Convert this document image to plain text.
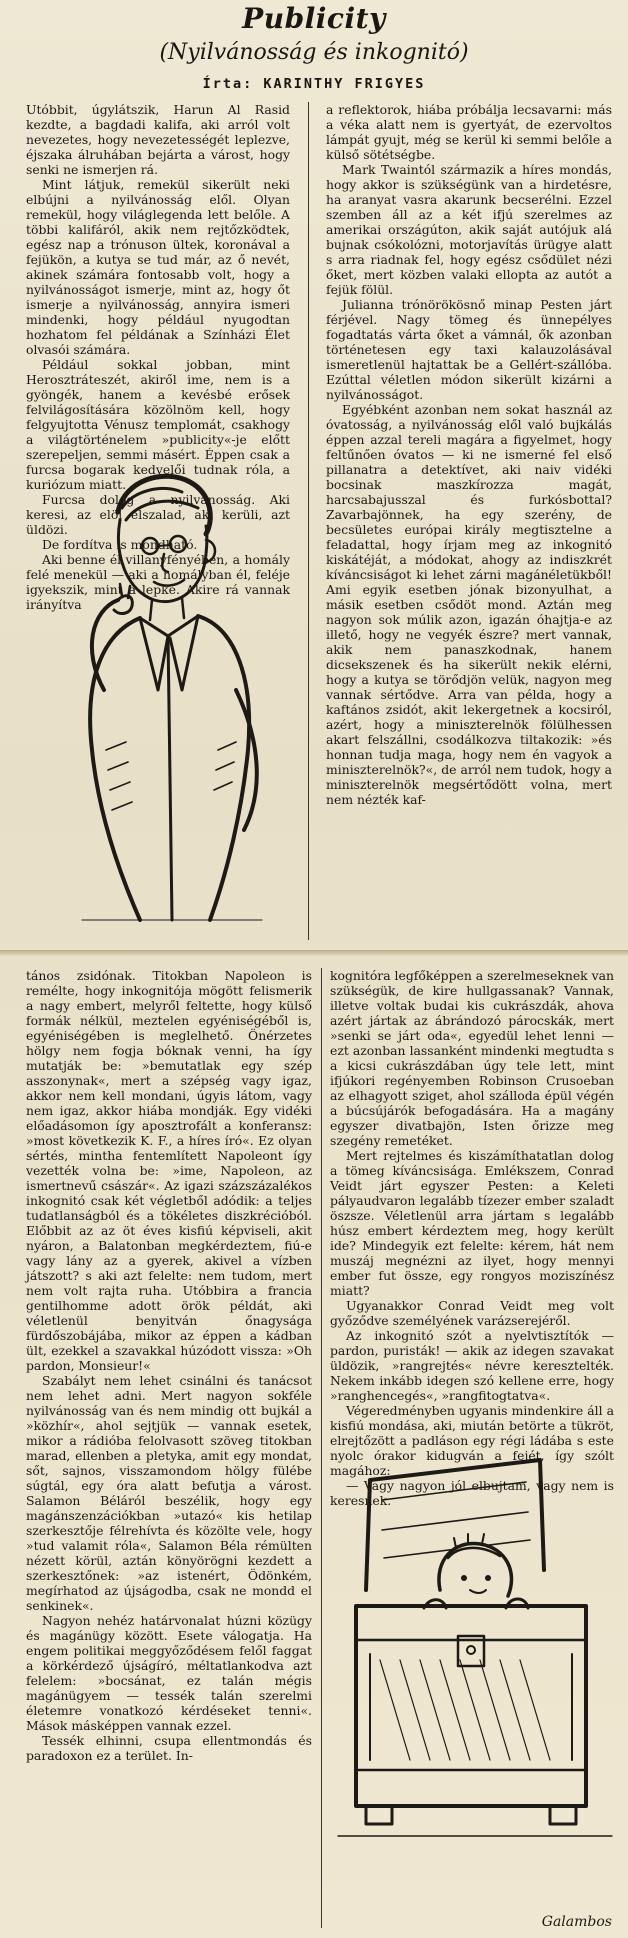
Publicity
(Nyilvánosság és inkognitó)
Írta: KARINTHY FRIGYES

Utóbbit, úgylátszik, Harun Al Rasid kezdte, a bagdadi kalifa, aki arról volt nevezetes, hogy nevezetességét leplezve, éjszaka álruhában bejárta a várost, hogy senki ne ismerjen rá.

Mint látjuk, remekül sikerült neki elbújni a nyilvánosság elől. Olyan remekül, hogy világlegenda lett belőle. A többi kalifáról, akik nem rejtőzködtek, egész nap a trónuson ültek, koronával a fejükön, a kutya se tud már, az ő nevét, akinek számára fontosabb volt, hogy a nyilvánosságot ismerje, mint az, hogy őt ismerje a nyilvánosság, annyira ismeri mindenki, hogy például nyugodtan hozhatom fel példának a Színházi Élet olvasói számára.

Például sokkal jobban, mint Herosztráteszét, akiről ime, nem is a gyöngék, hanem a kevésbé erősek felvilágosítására közölnöm kell, hogy felgyujtotta Vénusz templomát, csakhogy a világtörténelem »publicity«-je előtt szerepeljen, semmi másért. Éppen csak a furcsa bogarak kedvelői tudnak róla, a kuriózum miatt.

Furcsa dolog a nyilvánosság. Aki keresi, az elöl elszalad, aki kerüli, azt üldözi.

De fordítva is mondható.

Aki benne él villanyfényében, a homály felé menekül — aki a homályban él, feléje igyekszik, mint a lepke. Akire rá vannak irányítva

a reflektorok, hiába próbálja lecsavarni: más a véka alatt nem is gyertyát, de ezervoltos lámpát gyujt, még se kerül ki semmi belőle a külső sötétségbe.

Mark Twaintól származik a híres mondás, hogy akkor is szükségünk van a hirdetésre, ha aranyat vasra akarunk becserélni. Ezzel szemben áll az a két ifjú szerelmes az amerikai országúton, akik saját autójuk alá bujnak csókolózni, motorjavítás ürügye alatt s arra riadnak fel, hogy egész csődület nézi őket, mert közben valaki ellopta az autót a fejük fölül.

Julianna trónörökösnő minap Pesten járt férjével. Nagy tömeg és ünnepélyes fogadtatás várta őket a vámnál, ők azonban történetesen egy taxi kalauzolásával ismeretlenül hajtattak be a Gellért-szállóba. Ezúttal véletlen módon sikerült kizárni a nyilvánosságot.

Egyébként azonban nem sokat használ az óvatosság, a nyilvánosság elől való bujkálás éppen azzal tereli magára a figyelmet, hogy feltűnően óvatos — ki ne ismerné fel első pillanatra a detektívet, aki naiv vidéki bocsinak maszkírozza magát, harcsabajusszal és furkósbottal? Zavarbajönnek, ha egy szerény, de becsületes európai király megtisztelne a feladattal, hogy írjam meg az inkognitó kiskátéját, a módokat, ahogy az indiszkrét kíváncsiságot ki lehet zárni magánéletükből! Ami egyik esetben jónak bizonyulhat, a másik esetben csődöt mond. Aztán meg nagyon sok múlik azon, igazán óhajtja-e az illető, hogy ne vegyék észre? mert vannak, akik nem panaszkodnak, hanem dicsekszenek és ha sikerült nekik elérni, hogy a kutya se törődjön velük, nagyon meg vannak sértődve. Arra van példa, hogy a kaftános zsidót, akit lekergetnek a kocsiról, azért, hogy a miniszterelnök fölülhessen akart felszállni, csodálkozva tiltakozik: »és honnan tudja maga, hogy nem én vagyok a miniszterelnök?«, de arról nem tudok, hogy a miniszterelnök megsértődött volna, mert nem nézték kaf-

tános zsidónak. Titokban Napoleon is remélte, hogy inkognitója mögött felismerik a nagy embert, melyről feltette, hogy külső formák nélkül, meztelen egyéniségéből is, egyéniségében is meglelhető. Önérzetes hölgy nem fogja bóknak venni, ha így mutatják be: »bemutatlak egy szép asszonynak«, mert a szépség vagy igaz, akkor nem kell mondani, úgyis látom, vagy nem igaz, akkor hiába mondják. Egy vidéki előadásomon így aposztrofált a konferansz: »most következik K. F., a híres író«. Ez olyan sértés, mintha fentemlített Napoleont így vezették volna be: »ime, Napoleon, az ismertnevű császár«. Az igazi százszázalékos inkognitó csak két végletből adódik: a teljes tudatlanságból és a tökéletes diszkrécióból. Előbbit az az öt éves kisfiú képviseli, akit nyáron, a Balatonban megkérdeztem, fiú-e vagy lány az a gyerek, akivel a vízben játszott? s aki azt felelte: nem tudom, mert nem volt rajta ruha. Utóbbira a francia gentilhomme adott örök példát, aki véletlenül benyitván őnagysága fürdőszobájába, mikor az éppen a kádban ült, ezekkel a szavakkal húzódott vissza: »Oh pardon, Monsieur!«

Szabályt nem lehet csinálni és tanácsot nem lehet adni. Mert nagyon sokféle nyilvánosság van és nem mindig ott bujkál a »közhír«, ahol sejtjük — vannak esetek, mikor a rádióba felolvasott szöveg titokban marad, ellenben a pletyka, amit egy mondat, sőt, sajnos, visszamondom hölgy fülébe súgtál, egy óra alatt befutja a várost. Salamon Béláról beszélik, hogy egy magánszenzációkban »utazó« kis hetilap szerkesztője félrehívta és közölte vele, hogy »tud valamit róla«, Salamon Béla rémülten nézett körül, aztán könyörögni kezdett a szerkesztőnek: »az istenért, Ödönkém, megírhatod az újságodba, csak ne mondd el senkinek«.

Nagyon nehéz határvonalat húzni közügy és magánügy között. Esete válogatja. Ha engem politikai meggyőződésem felől faggat a körkérdező újságíró, méltatlankodva azt felelem: »bocsánat, ez talán mégis magánügyem — tessék talán szerelmi életemre vonatkozó kérdéseket tenni«. Mások másképpen vannak ezzel.

Tessék elhinni, csupa ellentmondás és paradoxon ez a terület. In-

kognitóra legfőképpen a szerelmeseknek van szükségük, de kire hullgassanak? Vannak, illetve voltak budai kis cukrászdák, ahova azért jártak az ábrándozó párocskák, mert »senki se járt oda«, egyedül lehet lenni — ezt azonban lassanként mindenki megtudta s a kicsi cukrászdában úgy tele lett, mint ifjúkori regényemben Robinson Crusoeban az elhagyott sziget, ahol szálloda épül végén a búcsújárók befogadására. Ha a magány egyszer divatbajön, Isten őrizze meg szegény remetéket.

Mert rejtelmes és kiszámíthatatlan dolog a tömeg kíváncsisága. Emlékszem, Conrad Veidt járt egyszer Pesten: a Keleti pályaudvaron legalább tízezer ember szaladt öszsze. Véletlenül arra jártam s legalább húsz embert kérdeztem meg, hogy került ide? Mindegyik ezt felelte: kérem, hát nem muszáj megnézni az ilyet, hogy mennyi ember fut össze, egy rongyos moziszínész miatt?

Ugyanakkor Conrad Veidt meg volt győződve személyének varázserejéről.

Az inkognitó szót a nyelvtisztítók — pardon, puristák! — akik az idegen szavakat üldözik, »rangrejtés« névre keresztelték. Nekem inkább idegen szó kellene erre, hogy »ranghencegés«, »rangfitogtatva«.

Végeredményben ugyanis mindenkire áll a kisfiú mondása, aki, miután betörte a tükröt, elrejtőzött a padláson egy régi ládába s este nyolc órakor kidugván a fejét, így szólt magához:

— Vagy nagyon jól elbujtam, vagy nem is keresnek.

Galambos
